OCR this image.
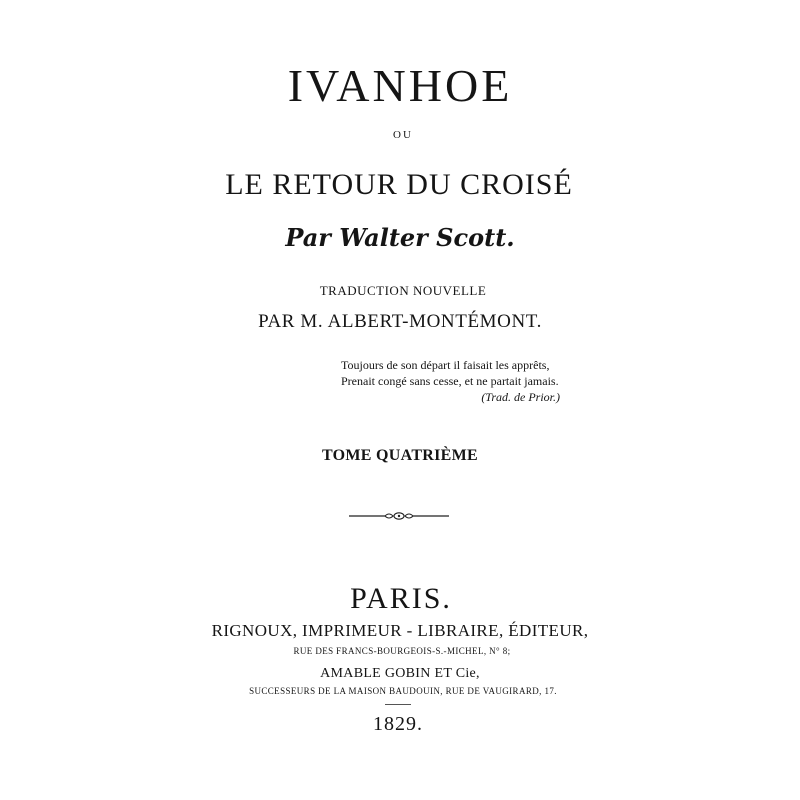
IVANHOE
OU
LE RETOUR DU CROISÉ
Par Walter Scott.
TRADUCTION NOUVELLE
PAR M. ALBERT-MONTÉMONT.
Toujours de son départ il faisait les apprêts,
Prenait congé sans cesse, et ne partait jamais.
(Trad. de Prior.)
TOME QUATRIÈME
PARIS.
RIGNOUX, IMPRIMEUR - LIBRAIRE, ÉDITEUR,
RUE DES FRANCS-BOURGEOIS-S.-MICHEL, N° 8;
AMABLE GOBIN ET Cie,
SUCCESSEURS DE LA MAISON BAUDOUIN, RUE DE VAUGIRARD, 17.
1829.
